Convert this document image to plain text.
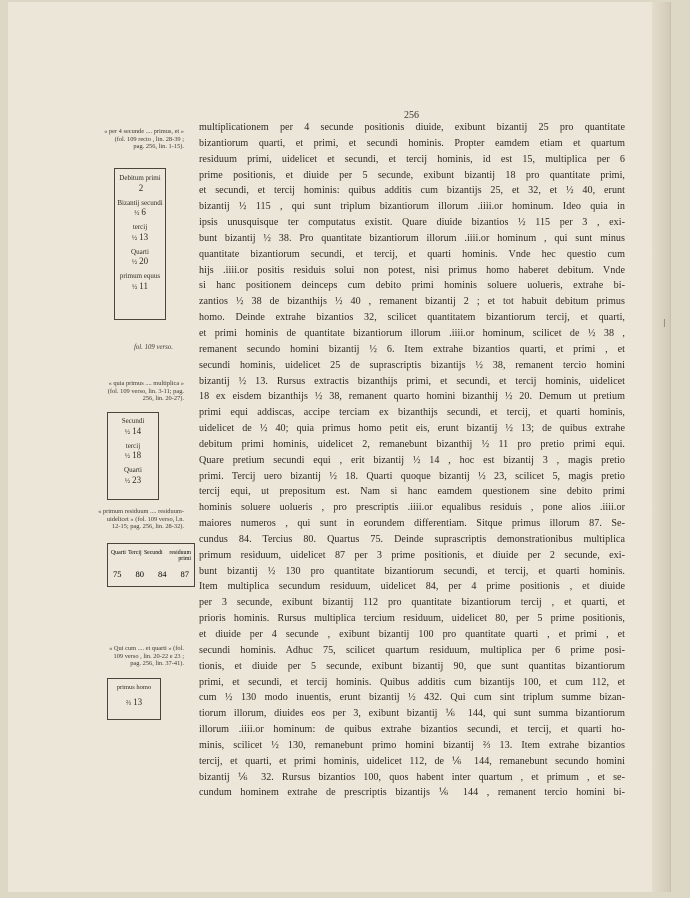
256
multiplicationem per 4 secunde positionis diuide, exibunt bizantij 25 pro quantitate
bizantiorum quarti, et primi, et secundi hominis. Propter eamdem etiam et quartum
residuum primi, uidelicet et secundi, et tercij hominis, id est 15, multiplica per 6
prime positionis, et diuide per 5 secunde, exibunt bizantij 18 pro quantitate primi,
et secundi, et tercij hominis: quibus additis cum bizantijs 25, et 32, et ½ 40, erunt
bizantij ½ 115 , qui sunt triplum bizantiorum illorum .iiii.or hominum. Ideo quia in
ipsis unusquisque ter computatus existit. Quare diuide bizantios ½ 115 per 3 , exi-
bunt bizantij ½ 38. Pro quantitate bizantiorum illorum .iiii.or hominum , qui sunt minus
quantitate bizantiorum secundi, et tercij, et quarti hominis. Vnde hec questio cum
hijs .iiii.or positis residuis solui non potest, nisi primus homo haberet debitum. Vnde
si hanc positionem deinceps cum debito primi hominis soluere uolueris, extrahe bi-
zantios ½ 38 de bizanthijs ½ 40 , remanent bizantij 2 ; et tot habuit debitum primus
homo. Deinde extrahe bizantios 32, scilicet quantitatem bizantiorum tercij, et quarti,
et primi hominis de quantitate bizantiorum illorum .iiii.or hominum, scilicet de ½ 38 ,
remanent secundo homini bizantij ½ 6. Item extrahe bizantios quarti, et primi , et
secundi hominis, uidelicet 25 de suprascriptis bizantijs ½ 38, remanent tercio homini
bizantij ½ 13. Rursus extractis bizanthijs primi, et secundi, et tercij hominis, uidelicet
18 ex eisdem bizanthijs ½ 38, remanent quarto homini bizanthij ½ 20. Demum ut pretium
primi equi addiscas, accipe terciam ex bizanthijs secundi, et tercij, et quarti hominis,
uidelicet de ½ 40; quia primus homo petit eis, erunt bizantij ½ 13; de quibus extrahe
debitum primi hominis, uidelicet 2, remanebunt bizanthij ½ 11 pro pretio primi equi.
Quare pretium secundi equi , erit bizantij ½ 14 , hoc est bizantij 3 , magis pretio
primi. Tercij uero bizantij ½ 18. Quarti quoque bizantij ½ 23, scilicet 5, magis pretio
tercij equi, ut prepositum est. Nam si hanc eamdem questionem sine debito primi
hominis soluere uolueris , pro prescriptis .iiii.or equalibus residuis , pone alios .iiii.or
maiores numeros , qui sunt in eorundem differentiam. Sitque primus illorum 87. Se-
cundus 84. Tercius 80. Quartus 75. Deinde suprascriptis demonstrationibus multiplica
primum residuum, uidelicet 87 per 3 prime positionis, et diuide per 2 secunde, exi-
bunt bizantij ½ 130 pro quantitate bizantiorum secundi, et tercij, et quarti hominis.
Item multiplica secundum residuum, uidelicet 84, per 4 prime positionis , et diuide
per 3 secunde, exibunt bizantij 112 pro quantitate bizantiorum tercij , et quarti, et
prioris hominis. Rursus multiplica tercium residuum, uidelicet 80, per 5 prime positionis,
et diuide per 4 secunde , exibunt bizantij 100 pro quantitate quarti , et primi , et
secundi hominis. Adhuc 75, scilicet quartum residuum, multiplica per 6 prime posi-
tionis, et diuide per 5 secunde, exibunt bizantij 90, que sunt quantitas bizantiorum
primi, et secundi, et tercij hominis. Quibus additis cum bizantijs 100, et cum 112, et
cum ½ 130 modo inuentis, erunt bizantij ½ 432. Qui cum sint triplum summe bizan-
tiorum illorum, diuides eos per 3, exibunt bizantij ⅙ 144, qui sunt summa bizantiorum
illorum .iiii.or hominum: de quibus extrahe bizantios secundi, et tercij, et quarti ho-
minis, scilicet ½ 130, remanebunt primo homini bizantij ⅔ 13. Item extrahe bizantios
tercij, et quarti, et primi hominis, uidelicet 112, de ⅙ 144, remanebunt secundo homini
bizantij ⅙ 32. Rursus bizantios 100, quos habent inter quartum , et primum , et se-
cundum hominem extrahe de prescriptis bizantijs ⅙ 144 , remanent tercio homini bi-
|
« per 4 secunde .... primus, et »
(fol. 109 recto , lin. 28-39 ;
pag. 256, lin. 1-15).
Debitum primi
2
Bizantij secundi
½ 6
tercij
½ 13
Quarti
½ 20
primum equus
½ 11
fol. 109 verso.
« quia primus .... multiplica »
(fol. 109 verso, lin. 3-11; pag.
256, lin. 20-27).
Secundi
½ 14
tercij
½ 18
Quarti
½ 23
« primum residuum .... residuum-
uidelicet » (fol. 109 verso, l.n.
12-15; pag. 256, lin. 28-32).
Quarti Tercij Secundi	residuum primi
75 80 84 87
« Qui cum .... et quarti » (fol.
109 verso , lin. 20-22 e 23 ;
pag. 256, lin. 37-41).
primus homo
⅔ 13
